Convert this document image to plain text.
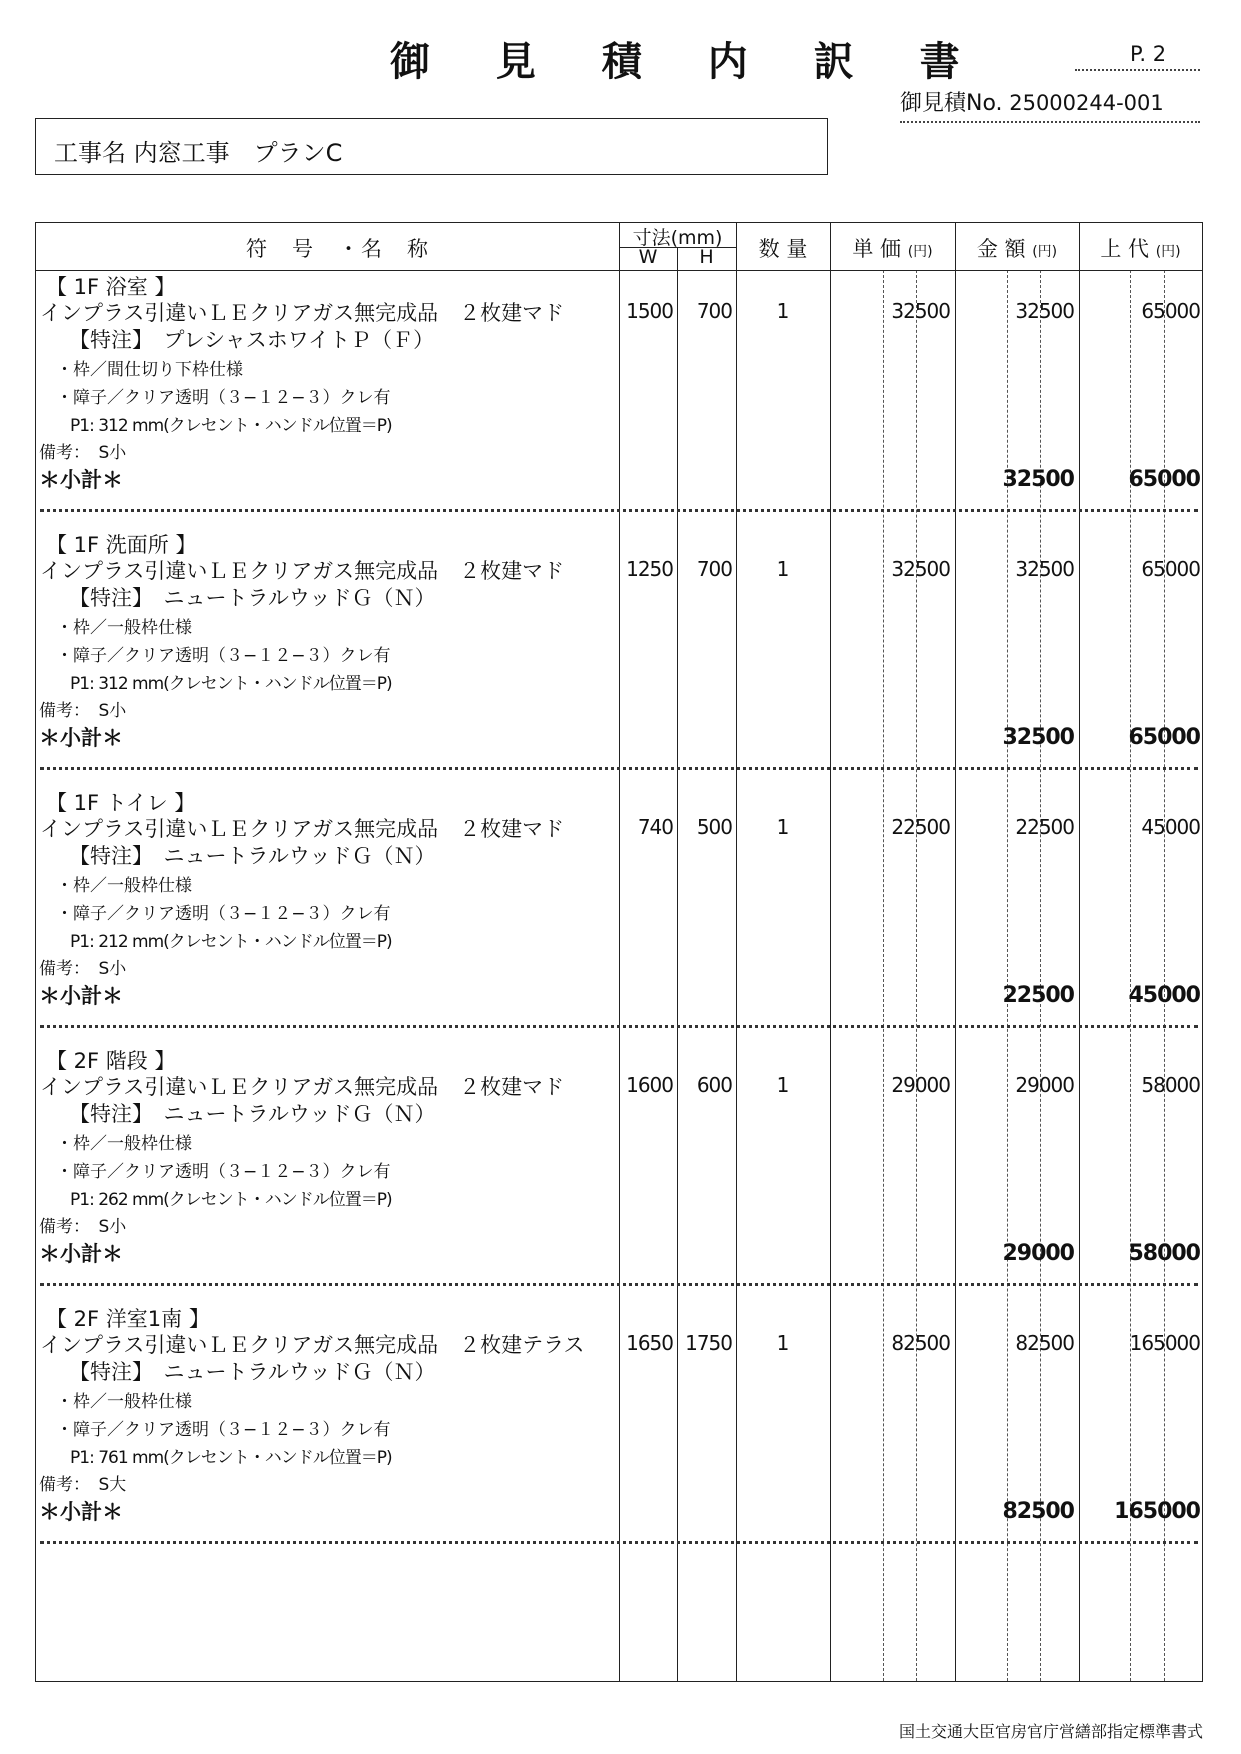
御 見 積 内 訳 書	P. 2
御見積No. 25000244-001
工事名 内窓工事　プランC
符　号　・名　称	寸法(mm)
W	H	数 量	単 価 (円)	金 額 (円)	上 代 (円)
【 1F 浴室 】
インプラス引違いＬＥクリアガス無完成品　２枚建マド
【特注】　プレシャスホワイトＰ（Ｆ）
・枠／間仕切り下枠仕様
・障子／クリア透明（３−１２−３）クレ有
P1: 312 mm(クレセント・ハンドル位置＝P)
備考：　S小
＊小計＊
1500	700	1	32500	32500	65000
32500	65000
【 1F 洗面所 】
インプラス引違いＬＥクリアガス無完成品　２枚建マド
【特注】　ニュートラルウッドＧ（Ｎ）
・枠／一般枠仕様
・障子／クリア透明（３−１２−３）クレ有
P1: 312 mm(クレセント・ハンドル位置＝P)
備考：　S小
＊小計＊
1250	700	1	32500	32500	65000
32500	65000
【 1F トイレ 】
インプラス引違いＬＥクリアガス無完成品　２枚建マド
【特注】　ニュートラルウッドＧ（Ｎ）
・枠／一般枠仕様
・障子／クリア透明（３−１２−３）クレ有
P1: 212 mm(クレセント・ハンドル位置＝P)
備考：　S小
＊小計＊
740	500	1	22500	22500	45000
22500	45000
【 2F 階段 】
インプラス引違いＬＥクリアガス無完成品　２枚建マド
【特注】　ニュートラルウッドＧ（Ｎ）
・枠／一般枠仕様
・障子／クリア透明（３−１２−３）クレ有
P1: 262 mm(クレセント・ハンドル位置＝P)
備考：　S小
＊小計＊
1600	600	1	29000	29000	58000
29000	58000
【 2F 洋室1南 】
インプラス引違いＬＥクリアガス無完成品　２枚建テラス
【特注】　ニュートラルウッドＧ（Ｎ）
・枠／一般枠仕様
・障子／クリア透明（３−１２−３）クレ有
P1: 761 mm(クレセント・ハンドル位置＝P)
備考：　S大
＊小計＊
1650 1750	1	82500	82500	165000
82500	165000
国土交通大臣官房官庁営繕部指定標準書式
